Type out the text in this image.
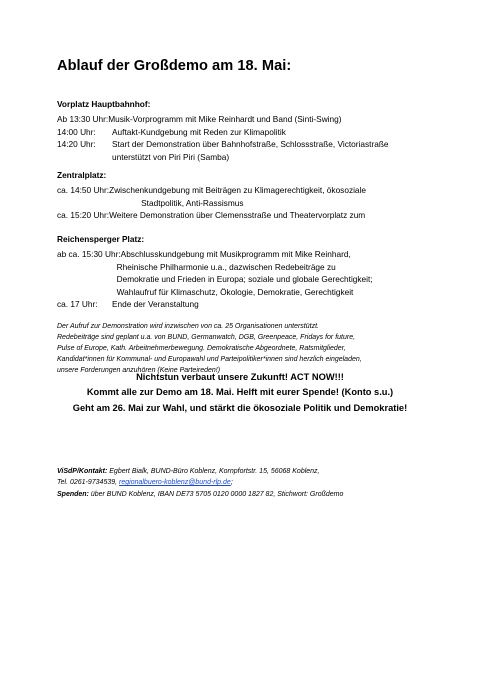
Ablauf der Großdemo am 18. Mai:
Vorplatz Hauptbahnhof:
Ab 13:30 Uhr: Musik-Vorprogramm mit Mike Reinhardt und Band (Sinti-Swing)
14:00 Uhr:	Auftakt-Kundgebung mit Reden zur Klimapolitik
14:20 Uhr:	Start der Demonstration über Bahnhofstraße, Schlossstraße, Victoriastraße
unterstützt von Piri Piri (Samba)
Zentralplatz:
ca. 14:50 Uhr: Zwischenkundgebung mit Beiträgen zu Klimagerechtigkeit, ökosoziale
Stadtpolitik, Anti-Rassismus
ca. 15:20 Uhr: Weitere Demonstration über Clemensstraße und Theatervorplatz zum
Reichensperger Platz:
ab ca. 15:30 Uhr: Abschlusskundgebung mit Musikprogramm mit Mike Reinhard,
Rheinische Philharmonie u.a., dazwischen Redebeiträge zu
Demokratie und Frieden in Europa; soziale und globale Gerechtigkeit;
Wahlaufruf für Klimaschutz, Ökologie, Demokratie, Gerechtigkeit
ca. 17 Uhr:	Ende der Veranstaltung
Der Aufruf zur Demonstration wird inzwischen von ca. 25 Organisationen unterstützt.
Redebeiträge sind geplant u.a. von BUND, Germanwatch, DGB, Greenpeace, Fridays for future,
Pulse of Europe, Kath. Arbeitnehmerbewegung. Demokratische Abgeordnete, Ratsmitglieder,
Kandidat*innen für Kommunal- und Europawahl und Parteipolitiker*innen sind herzlich eingeladen,
unsere Forderungen anzuhören (Keine Parteireden!)
Nichtstun verbaut unsere Zukunft! ACT NOW!!!
Kommt alle zur Demo am 18. Mai. Helft mit eurer Spende! (Konto s.u.)
Geht am 26. Mai zur Wahl, und stärkt die ökosoziale Politik und Demokratie!
ViSdP/Kontakt: Egbert Bialk, BUND-Büro Koblenz, Kornpfortstr. 15, 56068 Koblenz,
Tel. 0261-9734539, regionalbuero-koblenz@bund-rlp.de;
Spenden: über BUND Koblenz, IBAN DE73 5705 0120 0000 1827 82, Stichwort: Großdemo
